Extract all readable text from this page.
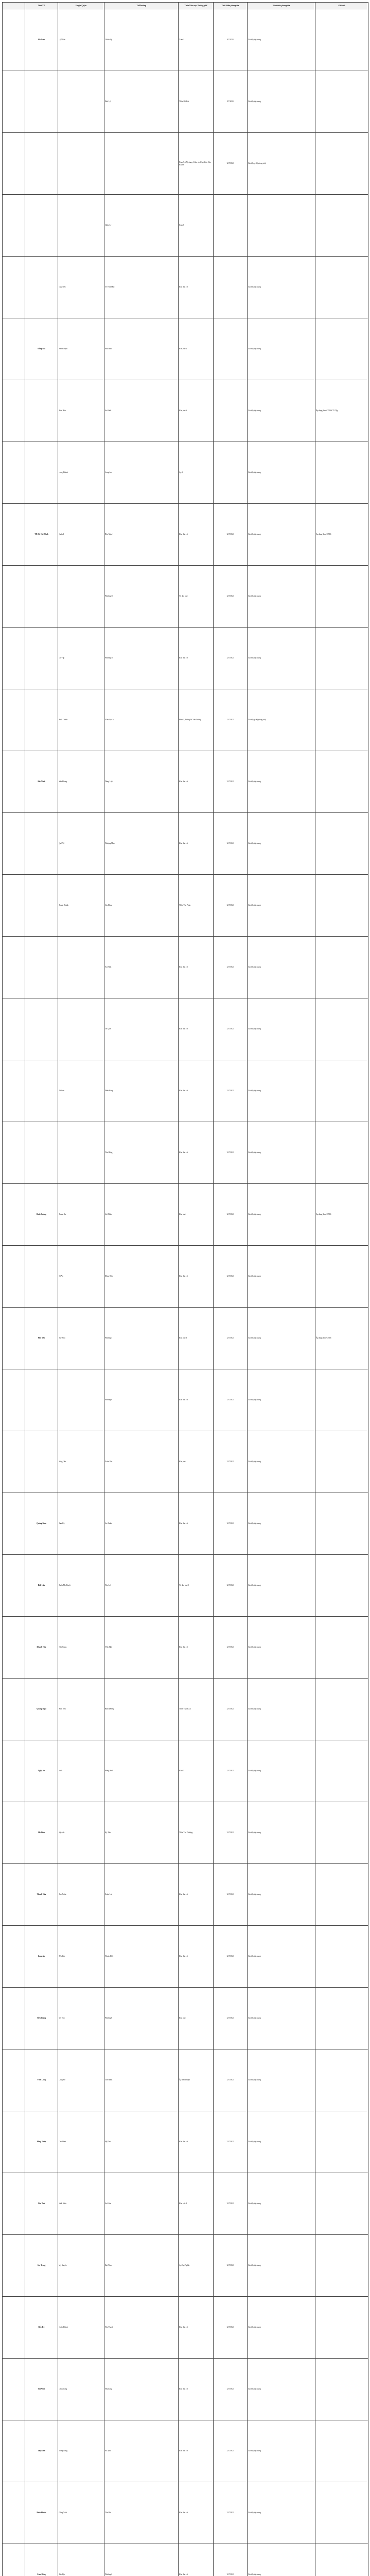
	Tỉnh/TP	Huyện/Quận	Xã/Phường	Thôn/Khu vực/ Đường phố	Thời điểm phong tỏa	Hình thức phong tỏa	Ghi chú
	Hà Nam	Lý Nhân	Chính Lý	Xóm 1	9/7/2021	Cách ly tập trung	
			Đức Lý	Thôn Đô Hai	9/7/2021	Cách ly tập trung	
				Xóm 5,6,7 (chung 1 khu cách ly) thôn Cầu Khánh	12/7/2021	Cách ly y tế (phong tỏa)	
			Chân Lý	Xóm 8			
		Duy Tiên	TT Hòa Mạc	Khu dân cư		Cách ly tập trung	
	Đồng Nai	Nhơn Trạch	Phú Hữu	Khu phố 1		Cách ly tập trung	
		Biên Hòa	An Bình	Khu phố 6		Cách ly tập trung	Áp dụng theo CT 16/CT-TTg
		Long Thành	Long An	Ấp 1		Cách ly tập trung	
	TP. Hồ Chí Minh	Quận 1	Bến Nghé	Khu dân cư	12/7/2021	Cách ly tập trung	Áp dụng theo CT 16
			Phường 13	Tổ dân phố	12/7/2021	Cách ly tập trung	
		Gò Vấp	Phường 15	Khu dân cư	12/7/2021	Cách ly tập trung	
		Bình Chánh	Vĩnh Lộc A	Hẻm 2, đường Lê Văn Lương	12/7/2021	Cách ly y tế (phong tỏa)	
	Bắc Ninh	Yên Phong	Dũng Liệt	Khu dân cư	12/7/2021	Cách ly tập trung	
		Quế Võ	Phượng Mao	Khu dân cư	12/7/2021	Cách ly tập trung	
		Thuận Thành	Gia Đông	Thôn Thủ Pháp	12/7/2021	Cách ly tập trung	
			An Bình	Khu dân cư	12/7/2021	Cách ly tập trung	
			Trí Quả	Khu dân cư	12/7/2021	Cách ly tập trung	
		Từ Sơn	Đình Bảng	Khu dân cư	12/7/2021	Cách ly tập trung	
			Tân Hồng	Khu dân cư	12/7/2021	Cách ly tập trung	
	Bình Dương	Thuận An	Lái Thiêu	Khu phố	12/7/2021	Cách ly tập trung	Áp dụng theo CT 16
		Dĩ An	Đông Hòa	Khu dân cư	12/7/2021	Cách ly tập trung	
	Phú Yên	Tuy Hòa	Phường 1	Khu phố 3	12/7/2021	Cách ly tập trung	Áp dụng theo CT 16
			Phường 9	Khu dân cư	12/7/2021	Cách ly tập trung	
		Sông Cầu	Xuân Phú	Khu phố	12/7/2021	Cách ly tập trung	
	Quảng Nam	Tam Kỳ	An Xuân	Khu dân cư	12/7/2021	Cách ly tập trung	
	Đắk Lắk	Buôn Ma Thuột	Tân Lợi	Tổ dân phố 5	12/7/2021	Cách ly tập trung	
	Khánh Hòa	Nha Trang	Vĩnh Hải	Khu dân cư	12/7/2021	Cách ly tập trung	
	Quảng Ngãi	Bình Sơn	Bình Dương	Thôn Thạch An	12/7/2021	Cách ly tập trung	
	Nghệ An	Vinh	Hưng Bình	Khối 3	12/7/2021	Cách ly tập trung	
	Hà Tĩnh	Kỳ Anh	Kỳ Tân	Thôn Tân Thượng	12/7/2021	Cách ly tập trung	
	Thanh Hóa	Thọ Xuân	Xuân Lai	Khu dân cư	12/7/2021	Cách ly tập trung	
	Long An	Bến Lức	Thạnh Đức	Khu dân cư	12/7/2021	Cách ly tập trung	
	Tiền Giang	Mỹ Tho	Phường 6	Khu phố	12/7/2021	Cách ly tập trung	
	Vĩnh Long	Long Hồ	Tân Hạnh	Ấp Tân Thuận	12/7/2021	Cách ly tập trung	
	Đồng Tháp	Cao Lãnh	Mỹ Trà	Khu dân cư	12/7/2021	Cách ly tập trung	
	Cần Thơ	Ninh Kiều	An Hòa	Khu vực 2	12/7/2021	Cách ly tập trung	
	Sóc Trăng	Mỹ Xuyên	Đại Tâm	Ấp Đại Nghĩa	12/7/2021	Cách ly tập trung	
	Bến Tre	Châu Thành	Tân Thạch	Khu dân cư	12/7/2021	Cách ly tập trung	
	Trà Vinh	Càng Long	Nhị Long	Khu dân cư	12/7/2021	Cách ly tập trung	
	Tây Ninh	Trảng Bàng	An Tịnh	Khu dân cư	12/7/2021	Cách ly tập trung	
	Bình Phước	Đồng Xoài	Tân Phú	Khu dân cư	12/7/2021	Cách ly tập trung	
	Lâm Đồng	Bảo Lộc	Phường 2	Khu dân cư	12/7/2021	Cách ly tập trung	
